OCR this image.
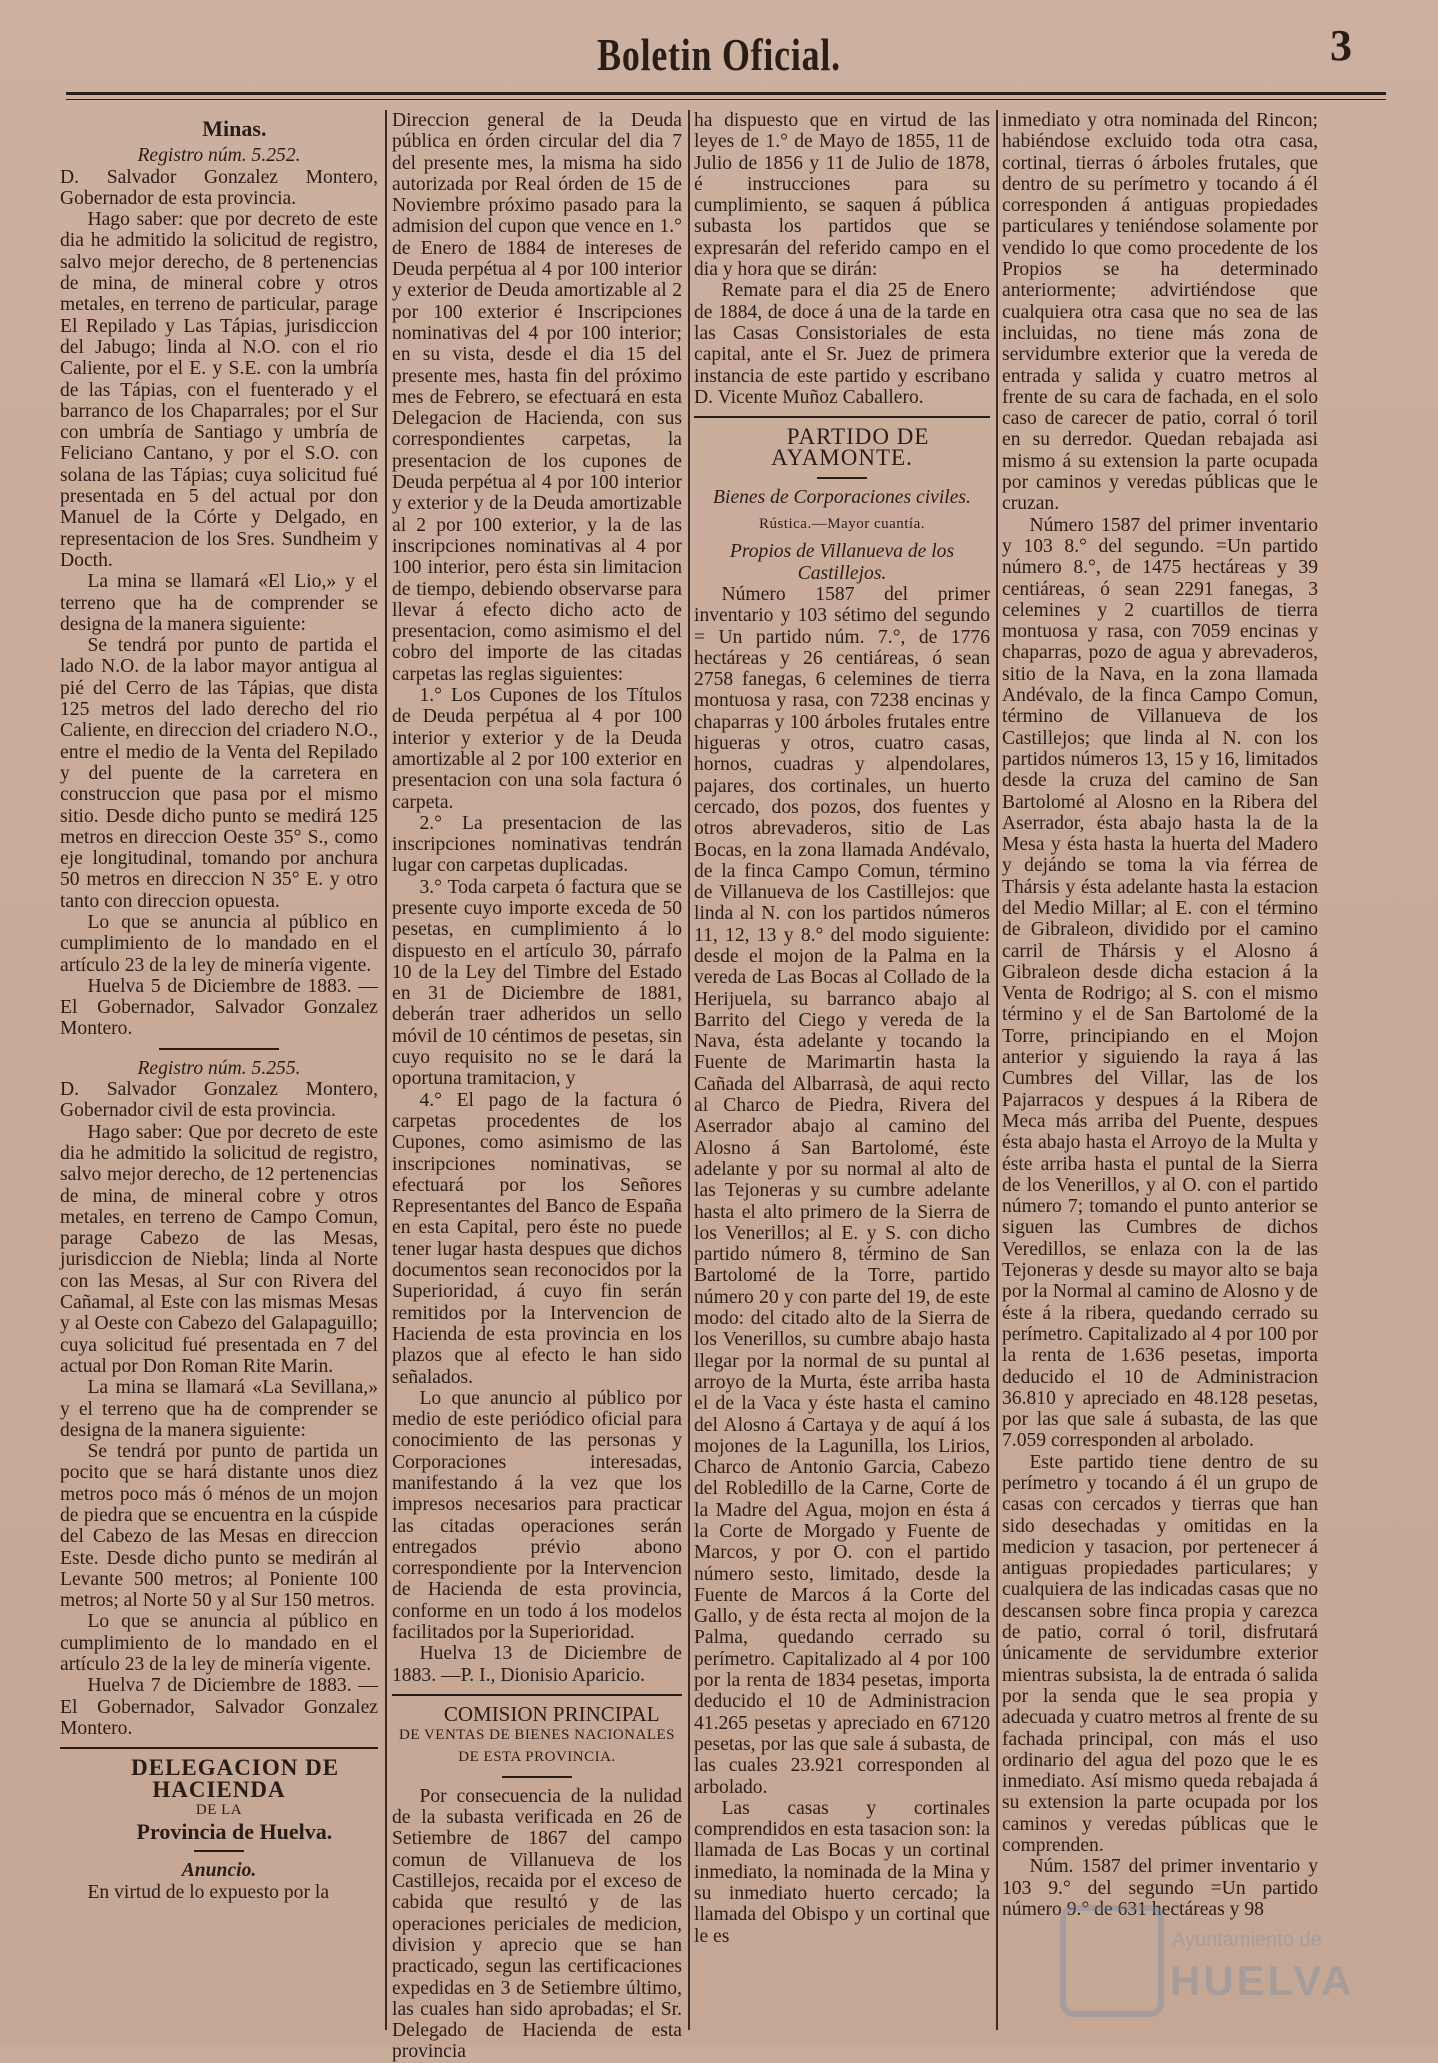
Boletin Oficial.	3

Minas.

Registro núm. 5.252.

D. Salvador Gonzalez Montero, Gobernador de esta provincia.

Hago saber: que por decreto de este dia he admitido la solicitud de registro, salvo mejor derecho, de 8 pertenencias de mina, de mineral cobre y otros metales, en terreno de particular, parage El Repilado y Las Tápias, jurisdiccion del Jabugo; linda al N.O. con el rio Caliente, por el E. y S.E. con la umbría de las Tápias, con el fuenterado y el barranco de los Chaparrales; por el Sur con umbría de Santiago y umbría de Feliciano Cantano, y por el S.O. con solana de las Tápias; cuya solicitud fué presentada en 5 del actual por don Manuel de la Córte y Delgado, en representacion de los Sres. Sundheim y Docth.

La mina se llamará «El Lio,» y el terreno que ha de comprender se designa de la manera siguiente:

Se tendrá por punto de partida el lado N.O. de la labor mayor antigua al pié del Cerro de las Tápias, que dista 125 metros del lado derecho del rio Caliente, en direccion del criadero N.O., entre el medio de la Venta del Repilado y del puente de la carretera en construccion que pasa por el mismo sitio. Desde dicho punto se medirá 125 metros en direccion Oeste 35° S., como eje longitudinal, tomando por anchura 50 metros en direccion N 35° E. y otro tanto con direccion opuesta.

Lo que se anuncia al público en cumplimiento de lo mandado en el artículo 23 de la ley de minería vigente.

Huelva 5 de Diciembre de 1883. —El Gobernador, Salvador Gonzalez Montero.

Registro núm. 5.255.

D. Salvador Gonzalez Montero, Gobernador civil de esta provincia.

Hago saber: Que por decreto de este dia he admitido la solicitud de registro, salvo mejor derecho, de 12 pertenencias de mina, de mineral cobre y otros metales, en terreno de Campo Comun, parage Cabezo de las Mesas, jurisdiccion de Niebla; linda al Norte con las Mesas, al Sur con Rivera del Cañamal, al Este con las mismas Mesas y al Oeste con Cabezo del Galapaguillo; cuya solicitud fué presentada en 7 del actual por Don Roman Rite Marin.

La mina se llamará «La Sevillana,» y el terreno que ha de comprender se designa de la manera siguiente:

Se tendrá por punto de partida un pocito que se hará distante unos diez metros poco más ó ménos de un mojon de piedra que se encuentra en la cúspide del Cabezo de las Mesas en direccion Este. Desde dicho punto se medirán al Levante 500 metros; al Poniente 100 metros; al Norte 50 y al Sur 150 metros.

Lo que se anuncia al público en cumplimiento de lo mandado en el artículo 23 de la ley de minería vigente.

Huelva 7 de Diciembre de 1883. —El Gobernador, Salvador Gonzalez Montero.

DELEGACION DE HACIENDA

DE LA

Provincia de Huelva.

Anuncio.

En virtud de lo expuesto por la

Direccion general de la Deuda pública en órden circular del dia 7 del presente mes, la misma ha sido autorizada por Real órden de 15 de Noviembre próximo pasado para la admision del cupon que vence en 1.° de Enero de 1884 de intereses de Deuda perpétua al 4 por 100 interior y exterior de Deuda amortizable al 2 por 100 exterior é Inscripciones nominativas del 4 por 100 interior; en su vista, desde el dia 15 del presente mes, hasta fin del próximo mes de Febrero, se efectuará en esta Delegacion de Hacienda, con sus correspondientes carpetas, la presentacion de los cupones de Deuda perpétua al 4 por 100 interior y exterior y de la Deuda amortizable al 2 por 100 exterior, y la de las inscripciones nominativas al 4 por 100 interior, pero ésta sin limitacion de tiempo, debiendo observarse para llevar á efecto dicho acto de presentacion, como asimismo el del cobro del importe de las citadas carpetas las reglas siguientes:

1.° Los Cupones de los Títulos de Deuda perpétua al 4 por 100 interior y exterior y de la Deuda amortizable al 2 por 100 exterior en presentacion con una sola factura ó carpeta.

2.° La presentacion de las inscripciones nominativas tendrán lugar con carpetas duplicadas.

3.° Toda carpeta ó factura que se presente cuyo importe exceda de 50 pesetas, en cumplimiento á lo dispuesto en el artículo 30, párrafo 10 de la Ley del Timbre del Estado en 31 de Diciembre de 1881, deberán traer adheridos un sello móvil de 10 céntimos de pesetas, sin cuyo requisito no se le dará la oportuna tramitacion, y

4.° El pago de la factura ó carpetas procedentes de los Cupones, como asimismo de las inscripciones nominativas, se efectuará por los Señores Representantes del Banco de España en esta Capital, pero éste no puede tener lugar hasta despues que dichos documentos sean reconocidos por la Superioridad, á cuyo fin serán remitidos por la Intervencion de Hacienda de esta provincia en los plazos que al efecto le han sido señalados.

Lo que anuncio al público por medio de este periódico oficial para conocimiento de las personas y Corporaciones interesadas, manifestando á la vez que los impresos necesarios para practicar las citadas operaciones serán entregados prévio abono correspondiente por la Intervencion de Hacienda de esta provincia, conforme en un todo á los modelos facilitados por la Superioridad.

Huelva 13 de Diciembre de 1883. —P. I., Dionisio Aparicio.

COMISION PRINCIPAL

DE VENTAS DE BIENES NACIONALES DE ESTA PROVINCIA.

Por consecuencia de la nulidad de la subasta verificada en 26 de Setiembre de 1867 del campo comun de Villanueva de los Castillejos, recaida por el exceso de cabida que resultó y de las operaciones periciales de medicion, division y aprecio que se han practicado, segun las certificaciones expedidas en 3 de Setiembre último, las cuales han sido aprobadas; el Sr. Delegado de Hacienda de esta provincia

ha dispuesto que en virtud de las leyes de 1.° de Mayo de 1855, 11 de Julio de 1856 y 11 de Julio de 1878, é instrucciones para su cumplimiento, se saquen á pública subasta los partidos que se expresarán del referido campo en el dia y hora que se dirán:

Remate para el dia 25 de Enero de 1884, de doce á una de la tarde en las Casas Consistoriales de esta capital, ante el Sr. Juez de primera instancia de este partido y escribano D. Vicente Muñoz Caballero.

PARTIDO DE AYAMONTE.

Bienes de Corporaciones civiles.

Rústica.—Mayor cuantía.

Propios de Villanueva de los Castillejos.

Número 1587 del primer inventario y 103 sétimo del segundo = Un partido núm. 7.°, de 1776 hectáreas y 26 centiáreas, ó sean 2758 fanegas, 6 celemines de tierra montuosa y rasa, con 7238 encinas y chaparras y 100 árboles frutales entre higueras y otros, cuatro casas, hornos, cuadras y alpendolares, pajares, dos cortinales, un huerto cercado, dos pozos, dos fuentes y otros abrevaderos, sitio de Las Bocas, en la zona llamada Andévalo, de la finca Campo Comun, término de Villanueva de los Castillejos: que linda al N. con los partidos números 11, 12, 13 y 8.° del modo siguiente: desde el mojon de la Palma en la vereda de Las Bocas al Collado de la Herijuela, su barranco abajo al Barrito del Ciego y vereda de la Nava, ésta adelante y tocando la Fuente de Marimartin hasta la Cañada del Albarrasà, de aqui recto al Charco de Piedra, Rivera del Aserrador abajo al camino del Alosno á San Bartolomé, éste adelante y por su normal al alto de las Tejoneras y su cumbre adelante hasta el alto primero de la Sierra de los Venerillos; al E. y S. con dicho partido número 8, término de San Bartolomé de la Torre, partido número 20 y con parte del 19, de este modo: del citado alto de la Sierra de los Venerillos, su cumbre abajo hasta llegar por la normal de su puntal al arroyo de la Murta, éste arriba hasta el de la Vaca y éste hasta el camino del Alosno á Cartaya y de aquí á los mojones de la Lagunilla, los Lirios, Charco de Antonio Garcia, Cabezo del Robledillo de la Carne, Corte de la Madre del Agua, mojon en ésta á la Corte de Morgado y Fuente de Marcos, y por O. con el partido número sesto, limitado, desde la Fuente de Marcos á la Corte del Gallo, y de ésta recta al mojon de la Palma, quedando cerrado su perímetro. Capitalizado al 4 por 100 por la renta de 1834 pesetas, importa deducido el 10 de Administracion 41.265 pesetas y apreciado en 67120 pesetas, por las que sale á subasta, de las cuales 23.921 corresponden al arbolado.

Las casas y cortinales comprendidos en esta tasacion son: la llamada de Las Bocas y un cortinal inmediato, la nominada de la Mina y su inmediato huerto cercado; la llamada del Obispo y un cortinal que le es

inmediato y otra nominada del Rincon; habiéndose excluido toda otra casa, cortinal, tierras ó árboles frutales, que dentro de su perímetro y tocando á él corresponden á antiguas propiedades particulares y teniéndose solamente por vendido lo que como procedente de los Propios se ha determinado anteriormente; advirtiéndose que cualquiera otra casa que no sea de las incluidas, no tiene más zona de servidumbre exterior que la vereda de entrada y salida y cuatro metros al frente de su cara de fachada, en el solo caso de carecer de patio, corral ó toril en su derredor. Quedan rebajada asi mismo á su extension la parte ocupada por caminos y veredas públicas que le cruzan.

Número 1587 del primer inventario y 103 8.° del segundo. =Un partido número 8.°, de 1475 hectáreas y 39 centiáreas, ó sean 2291 fanegas, 3 celemines y 2 cuartillos de tierra montuosa y rasa, con 7059 encinas y chaparras, pozo de agua y abrevaderos, sitio de la Nava, en la zona llamada Andévalo, de la finca Campo Comun, término de Villanueva de los Castillejos; que linda al N. con los partidos números 13, 15 y 16, limitados desde la cruza del camino de San Bartolomé al Alosno en la Ribera del Aserrador, ésta abajo hasta la de la Mesa y ésta hasta la huerta del Madero y dejándo se toma la via férrea de Thársis y ésta adelante hasta la estacion del Medio Millar; al E. con el término de Gibraleon, dividido por el camino carril de Thársis y el Alosno á Gibraleon desde dicha estacion á la Venta de Rodrigo; al S. con el mismo término y el de San Bartolomé de la Torre, principiando en el Mojon anterior y siguiendo la raya á las Cumbres del Villar, las de los Pajarracos y despues á la Ribera de Meca más arriba del Puente, despues ésta abajo hasta el Arroyo de la Multa y éste arriba hasta el puntal de la Sierra de los Venerillos, y al O. con el partido número 7; tomando el punto anterior se siguen las Cumbres de dichos Veredillos, se enlaza con la de las Tejoneras y desde su mayor alto se baja por la Normal al camino de Alosno y de éste á la ribera, quedando cerrado su perímetro. Capitalizado al 4 por 100 por la renta de 1.636 pesetas, importa deducido el 10 de Administracion 36.810 y apreciado en 48.128 pesetas, por las que sale á subasta, de las que 7.059 corresponden al arbolado.

Este partido tiene dentro de su perímetro y tocando á él un grupo de casas con cercados y tierras que han sido desechadas y omitidas en la medicion y tasacion, por pertenecer á antiguas propiedades particulares; y cualquiera de las indicadas casas que no descansen sobre finca propia y carezca de patio, corral ó toril, disfrutará únicamente de servidumbre exterior mientras subsista, la de entrada ó salida por la senda que le sea propia y adecuada y cuatro metros al frente de su fachada principal, con más el uso ordinario del agua del pozo que le es inmediato. Así mismo queda rebajada á su extension la parte ocupada por los caminos y veredas públicas que le comprenden.

Núm. 1587 del primer inventario y 103 9.° del segundo =Un partido número 9.° de 631 hectáreas y 98

Ayuntamiento de
HUELVA
